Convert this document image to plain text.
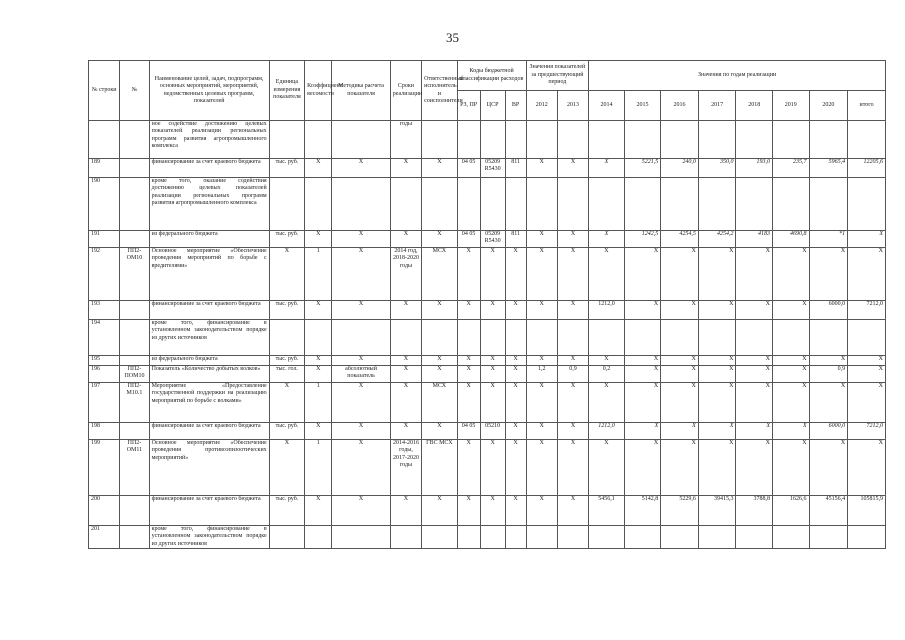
35
№ строки	№	Наименование целей, задач, подпрограмм, основных мероприятий, мероприятий, ведомственных целевых программ, показателей	Единица измерения показателя	Коэффициент весомости	Методика расчета показателя	Сроки реализации	Ответственный исполнитель и соисполнители	Коды бюджетной классификации расходов			Значения показателей за предшествующий период		Значения по годам реализации							
								РЗ, ПР	ЦСР	ВР	2012	2013	2014	2015	2016	2017	2018	2019	2020	итого
		ное содействие достижению целевых показателей реализации региональных программ развития агропромышленного комплекса				годы														
189		финансирование за счет краевого бюджета	тыс. руб.	X	X	X	X	04 05	05209 R5430	811	X	X	X	5221,5	240,0	350,0	193,0	235,7	5965,4	12205,6
190		кроме того, оказание содействия достижению целевых показателей реализации региональных программ развития агропромышленного комплекса																		
191		из федерального бюджета	тыс. руб.	X	X	X	X	04 05	05209 R5430	811	X	X	X	1242,5	4254,5	4254,2	4183	4690,8	*1	X
192	ПП2-ОМ10	Основное мероприятие «Обеспечение проведения мероприятий по борьбе с вредителями»	X	1	X	2014 год, 2018-2020 годы	МСХ	X	X	X	X	X	X	X	X	X	X	X	X	X
193		финансирование за счет краевого бюджета	тыс. руб.	X	X	X	X	X	X	X	X	X	1212,0	X	X	X	X	X	6000,0	7212,0
194		кроме того, финансирование в установленном законодательством порядке из других источников																		
195		из федерального бюджета	тыс. руб.	X	X	X	X	X	X	X	X	X	X	X	X	X	X	X	X	X
196	ПП2-ПОМ10	Показатель «Количество добытых волков»	тыс. гол.	X	абсолютный показатель	X	X	X	X	X	1,2	0,9	0,2	X	X	X	X	X	0,9	X
197	ПП2-М10.1	Мероприятие «Предоставление государственной поддержки на реализацию мероприятий по борьбе с волками»	X	1	X	X	МСХ	X	X	X	X	X	X	X	X	X	X	X	X	X
198		финансирование за счет краевого бюджета	тыс. руб.	X	X	X	X	04 05	05210	X	X	X	1212,0	X	X	X	X	X	6000,0	7212,0
199	ПП2-ОМ11	Основное мероприятие «Обеспечение проведения противоэпизоотических мероприятий»	X	1	X	2014-2016 годы, 2017-2020 годы	ГВС МСХ	X	X	X	X	X	X	X	X	X	X	X	X	X
200		финансирование за счет краевого бюджета	тыс. руб.	X	X	X	X	X	X	X	X	X	5456,1	5142,8	5229,6	39415,3	3788,8	1626,6	45156,4	105815,9
201		кроме того, финансирование в установленном законодательством порядке из других источников																		
